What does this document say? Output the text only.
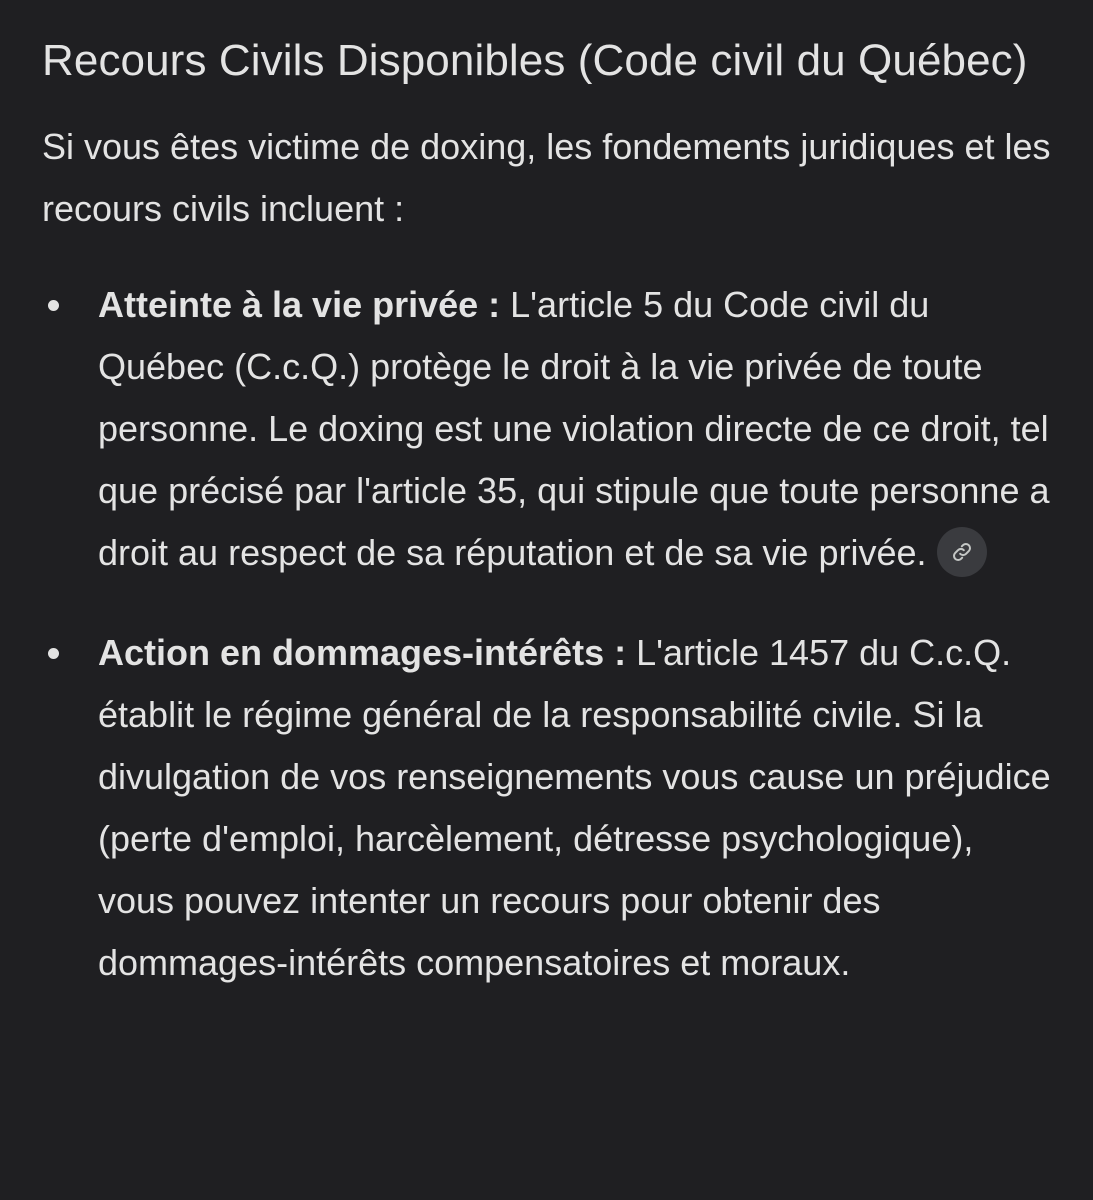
Recours Civils Disponibles (Code civil du Québec)

Si vous êtes victime de doxing, les fondements juridiques et les recours civils incluent :

Atteinte à la vie privée : L'article 5 du Code civil du Québec (C.c.Q.) protège le droit à la vie privée de toute personne. Le doxing est une violation directe de ce droit, tel que précisé par l'article 35, qui stipule que toute personne a droit au respect de sa réputation et de sa vie privée.
Action en dommages-intérêts : L'article 1457 du C.c.Q. établit le régime général de la responsabilité civile. Si la divulgation de vos renseignements vous cause un préjudice (perte d'emploi, harcèlement, détresse psychologique), vous pouvez intenter un recours pour obtenir des dommages-intérêts compensatoires et moraux.
